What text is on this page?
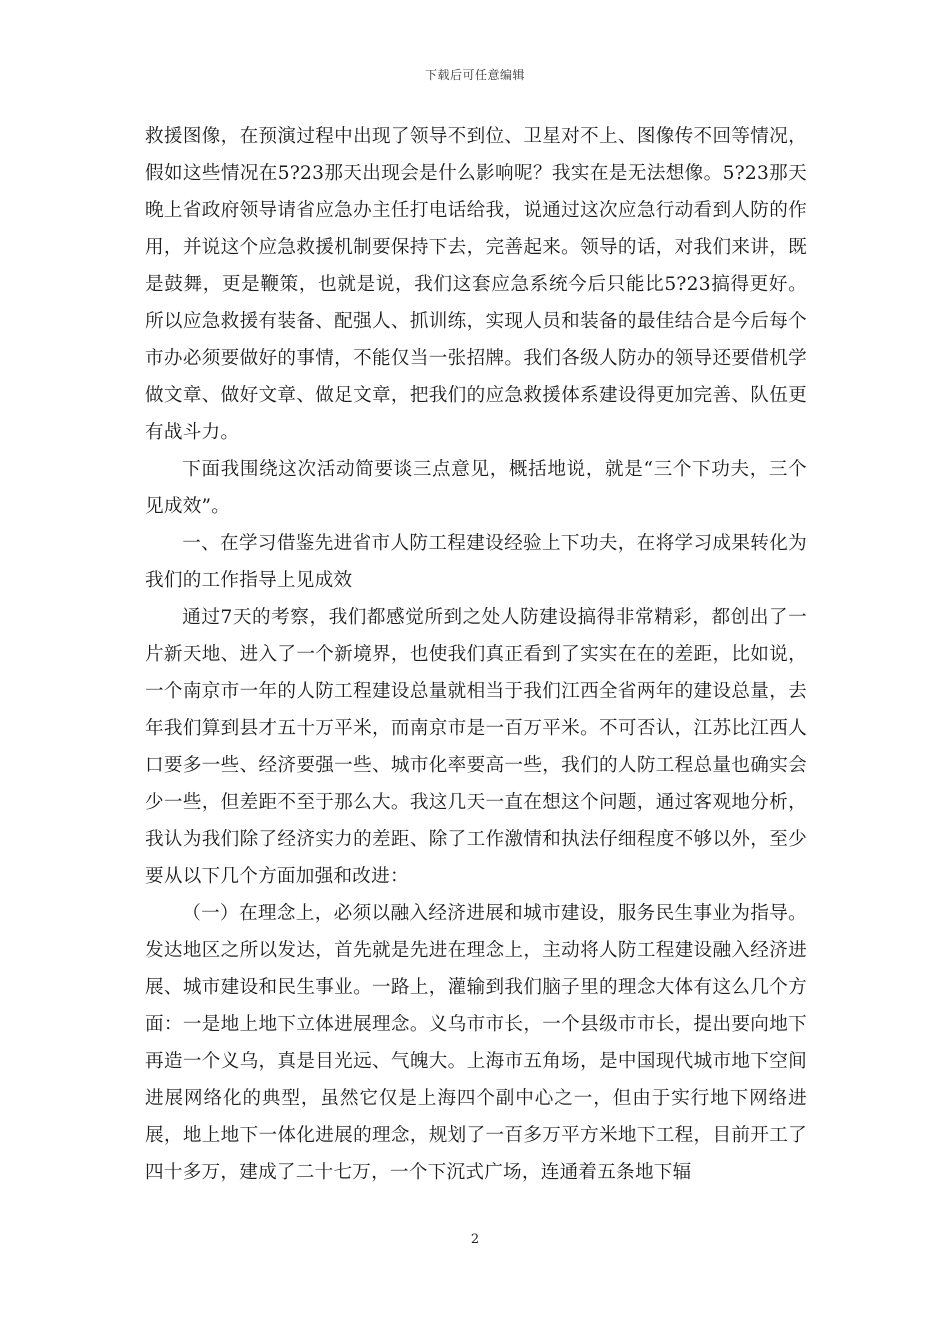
下载后可任意编辑

救援图像，在预演过程中出现了领导不到位、卫星对不上、图像传不回等情况，假如这些情况在5?23那天出现会是什么影响呢？我实在是无法想像。5?23那天晚上省政府领导请省应急办主任打电话给我，说通过这次应急行动看到人防的作用，并说这个应急救援机制要保持下去，完善起来。领导的话，对我们来讲，既是鼓舞，更是鞭策，也就是说，我们这套应急系统今后只能比5?23搞得更好。所以应急救援有装备、配强人、抓训练，实现人员和装备的最佳结合是今后每个市办必须要做好的事情，不能仅当一张招牌。我们各级人防办的领导还要借机学做文章、做好文章、做足文章，把我们的应急救援体系建设得更加完善、队伍更有战斗力。

下面我围绕这次活动简要谈三点意见，概括地说，就是“三个下功夫，三个见成效”。

一、在学习借鉴先进省市人防工程建设经验上下功夫，在将学习成果转化为我们的工作指导上见成效

通过7天的考察，我们都感觉所到之处人防建设搞得非常精彩，都创出了一片新天地、进入了一个新境界，也使我们真正看到了实实在在的差距，比如说，一个南京市一年的人防工程建设总量就相当于我们江西全省两年的建设总量，去年我们算到县才五十万平米，而南京市是一百万平米。不可否认，江苏比江西人口要多一些、经济要强一些、城市化率要高一些，我们的人防工程总量也确实会少一些，但差距不至于那么大。我这几天一直在想这个问题，通过客观地分析，我认为我们除了经济实力的差距、除了工作激情和执法仔细程度不够以外，至少要从以下几个方面加强和改进：

（一）在理念上，必须以融入经济进展和城市建设，服务民生事业为指导。发达地区之所以发达，首先就是先进在理念上，主动将人防工程建设融入经济进展、城市建设和民生事业。一路上，灌输到我们脑子里的理念大体有这么几个方面：一是地上地下立体进展理念。义乌市市长，一个县级市市长，提出要向地下再造一个义乌，真是目光远、气魄大。上海市五角场，是中国现代城市地下空间进展网络化的典型，虽然它仅是上海四个副中心之一，但由于实行地下网络进展，地上地下一体化进展的理念，规划了一百多万平方米地下工程，目前开工了四十多万，建成了二十七万，一个下沉式广场，连通着五条地下辐

2
